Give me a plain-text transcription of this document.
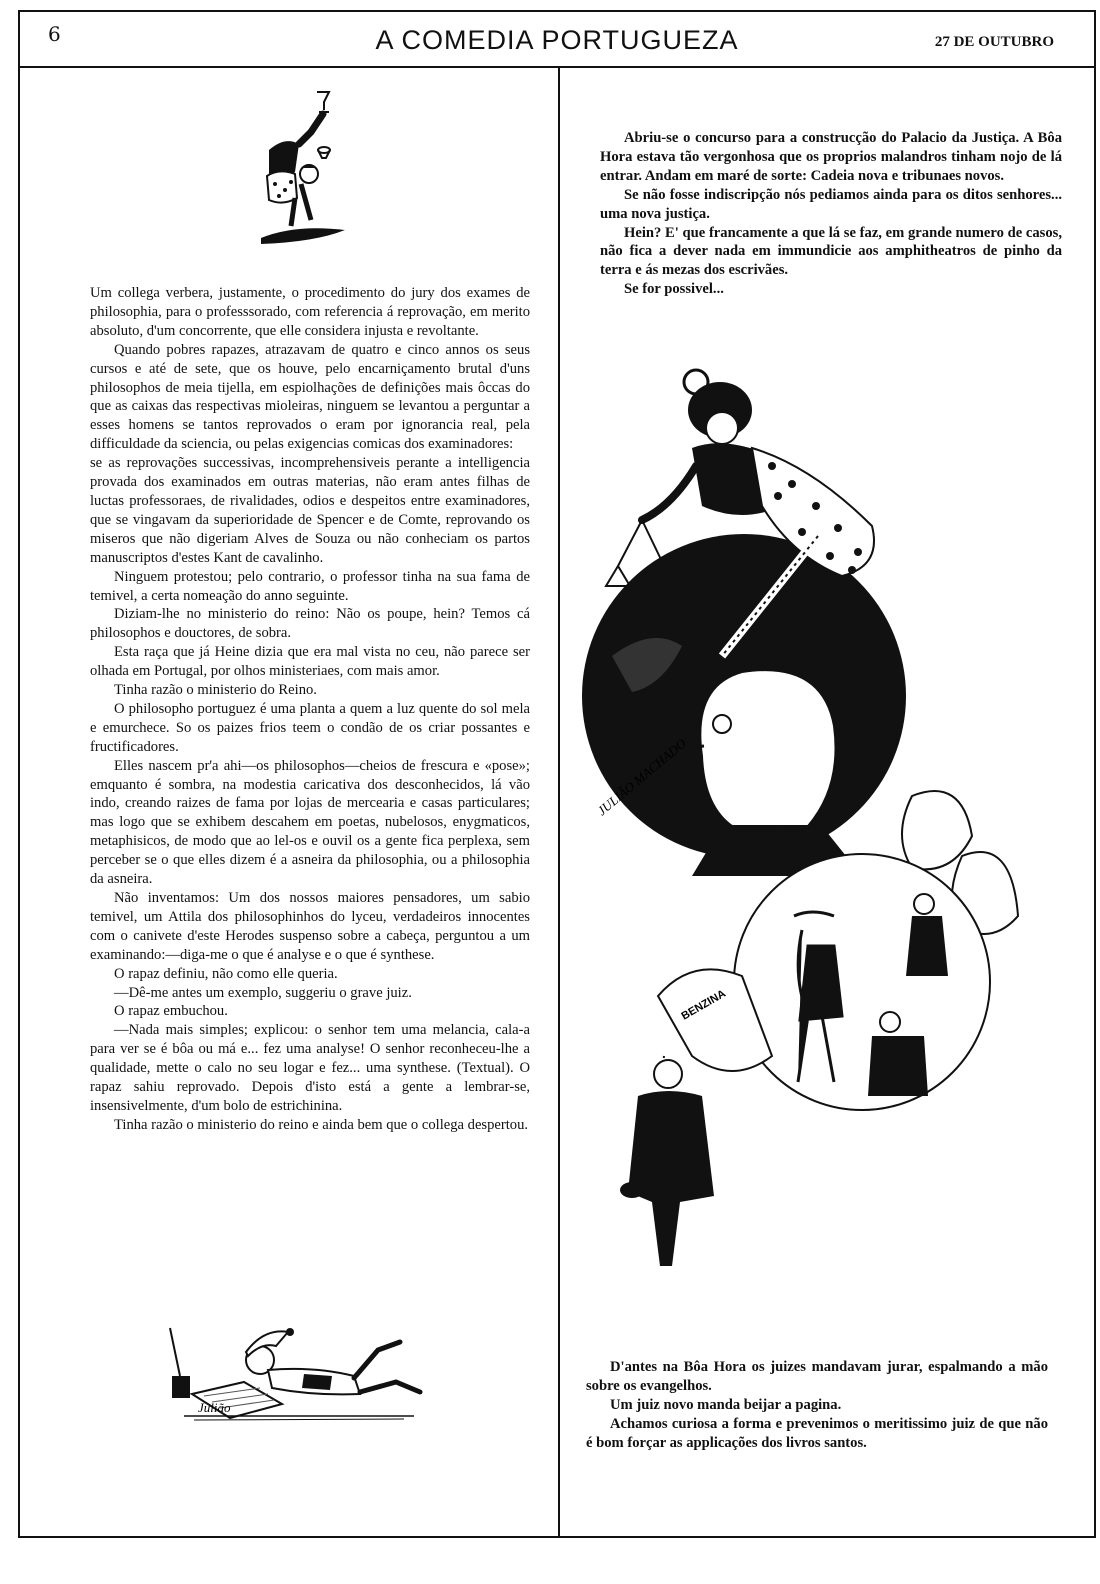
6	A COMEDIA PORTUGUEZA	27 DE OUTUBRO

Um collega verbera, justamente, o procedimento do jury dos exames de philosophia, para o professsorado, com referencia á reprovação, em merito absoluto, d'um concorrente, que elle considera injusta e revoltante.

Quando pobres rapazes, atrazavam de quatro e cinco annos os seus cursos e até de sete, que os houve, pelo encarniçamento brutal d'uns philosophos de meia tijella, em espiolhações de definições mais ôccas do que as caixas das respectivas mioleiras, ninguem se levantou a perguntar a esses homens se tantos reprovados o eram por ignorancia real, pela difficuldade da sciencia, ou pelas exigencias comicas dos examinadores:

se as reprovações successivas, incomprehensiveis perante a intelligencia provada dos examinados em outras materias, não eram antes filhas de luctas professoraes, de rivalidades, odios e despeitos entre examinadores, que se vingavam da superioridade de Spencer e de Comte, reprovando os miseros que não digeriam Alves de Souza ou não conheciam os partos manuscriptos d'estes Kant de cavalinho.

Ninguem protestou; pelo contrario, o professor tinha na sua fama de temivel, a certa nomeação do anno seguinte.

Diziam-lhe no ministerio do reino: Não os poupe, hein? Temos cá philosophos e douctores, de sobra.

Esta raça que já Heine dizia que era mal vista no ceu, não parece ser olhada em Portugal, por olhos ministeriaes, com mais amor.

Tinha razão o ministerio do Reino.

O philosopho portuguez é uma planta a quem a luz quente do sol mela e emurchece. So os paizes frios teem o condão de os criar possantes e fructificadores.

Elles nascem pr'a ahi—os philosophos—cheios de frescura e «pose»; emquanto é sombra, na modestia caricativa dos desconhecidos, lá vão indo, creando raizes de fama por lojas de mercearia e casas particulares; mas logo que se exhibem descahem em poetas, nubelosos, enygmaticos, metaphisicos, de modo que ao lel-os e ouvil os a gente fica perplexa, sem perceber se o que elles dizem é a asneira da philosophia, ou a philosophia da asneira.

Não inventamos: Um dos nossos maiores pensadores, um sabio temivel, um Attila dos philosophinhos do lyceu, verdadeiros innocentes com o canivete d'este Herodes suspenso sobre a cabeça, perguntou a um examinando:—diga-me o que é analyse e o que é synthese.

O rapaz definiu, não como elle queria.

—Dê-me antes um exemplo, suggeriu o grave juiz.

O rapaz embuchou.

—Nada mais simples; explicou: o senhor tem uma melancia, cala-a para ver se é bôa ou má e... fez uma analyse! O senhor reconheceu-lhe a qualidade, mette o calo no seu logar e fez... uma synthese. (Textual). O rapaz sahiu reprovado. Depois d'isto está a gente a lembrar-se, insensivelmente, d'um bolo de estrichinina.

Tinha razão o ministerio do reino e ainda bem que o collega despertou.

Julião

Abriu-se o concurso para a construcção do Palacio da Justiça. A Bôa Hora estava tão vergonhosa que os proprios malandros tinham nojo de lá entrar. Andam em maré de sorte: Cadeia nova e tribunaes novos.

Se não fosse indiscripção nós pediamos ainda para os ditos senhores... uma nova justiça.

Hein? E' que francamente a que lá se faz, em grande numero de casos, não fica a dever nada em immundicie aos amphitheatros de pinho da terra e ás mezas dos escrivães.

Se for possivel...

BENZINA
JULIÃO MACHADO

D'antes na Bôa Hora os juizes mandavam jurar, espalmando a mão sobre os evangelhos.

Um juiz novo manda beijar a pagina.

Achamos curiosa a forma e prevenimos o meritissimo juiz de que não é bom forçar as applicações dos livros santos.
